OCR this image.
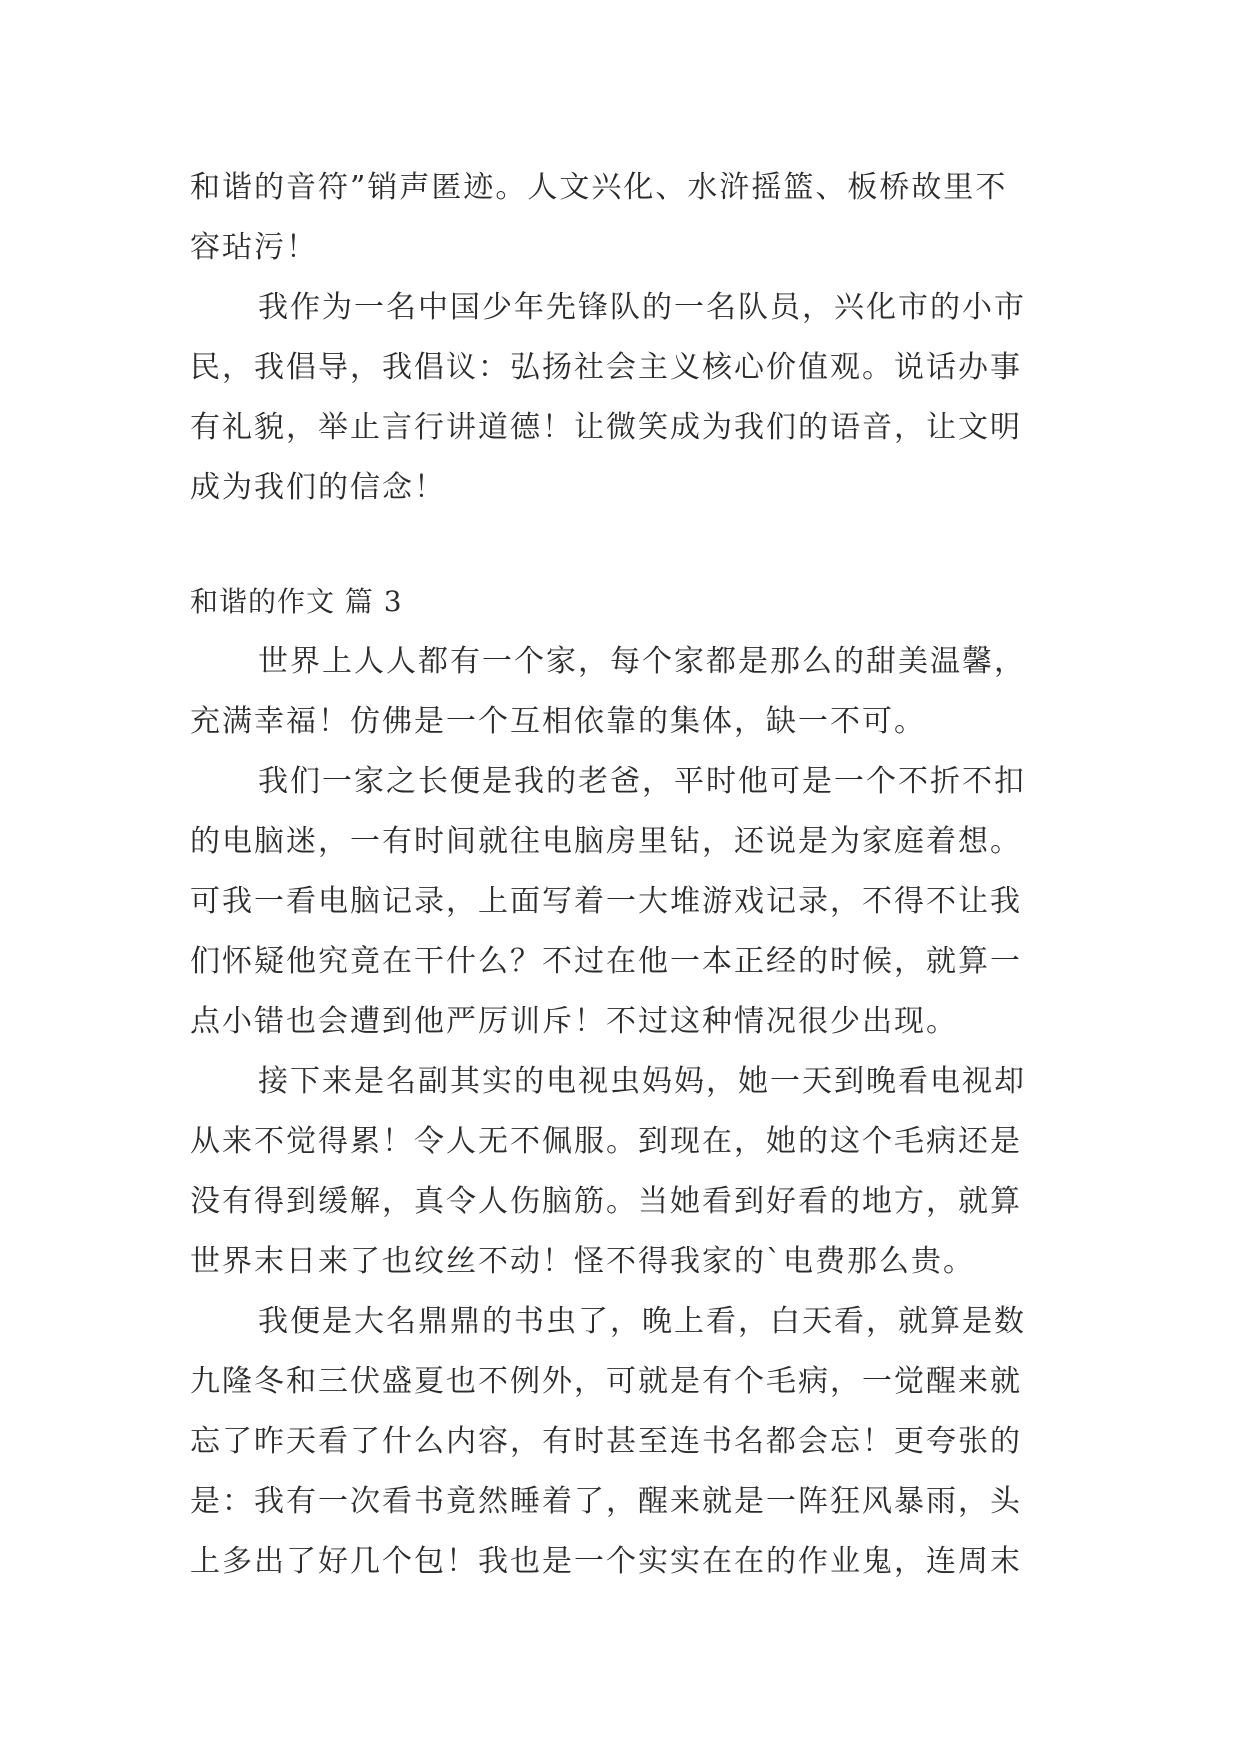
和谐的音符”销声匿迹。人文兴化、水浒摇篮、板桥故里不
容玷污！
我作为一名中国少年先锋队的一名队员，兴化市的小市
民，我倡导，我倡议：弘扬社会主义核心价值观。说话办事
有礼貌，举止言行讲道德！让微笑成为我们的语音，让文明
成为我们的信念！
和谐的作文 篇 3
世界上人人都有一个家，每个家都是那么的甜美温馨，
充满幸福！仿佛是一个互相依靠的集体，缺一不可。
我们一家之长便是我的老爸，平时他可是一个不折不扣
的电脑迷，一有时间就往电脑房里钻，还说是为家庭着想。
可我一看电脑记录，上面写着一大堆游戏记录，不得不让我
们怀疑他究竟在干什么？不过在他一本正经的时候，就算一
点小错也会遭到他严厉训斥！不过这种情况很少出现。
接下来是名副其实的电视虫妈妈，她一天到晚看电视却
从来不觉得累！令人无不佩服。到现在，她的这个毛病还是
没有得到缓解，真令人伤脑筋。当她看到好看的地方，就算
世界末日来了也纹丝不动！怪不得我家的`电费那么贵。
我便是大名鼎鼎的书虫了，晚上看，白天看，就算是数
九隆冬和三伏盛夏也不例外，可就是有个毛病，一觉醒来就
忘了昨天看了什么内容，有时甚至连书名都会忘！更夸张的
是：我有一次看书竟然睡着了，醒来就是一阵狂风暴雨，头
上多出了好几个包！我也是一个实实在在的作业鬼，连周末
